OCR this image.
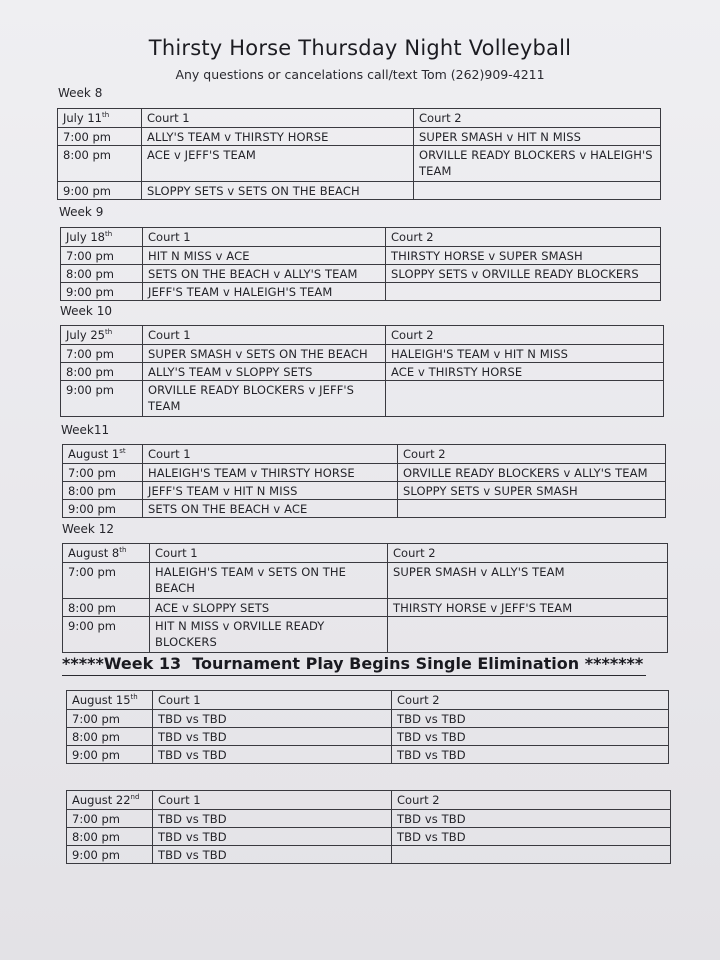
Thirsty Horse Thursday Night Volleyball
Any questions or cancelations call/text Tom (262)909-4211
Week 8
July 11th	Court 1	Court 2
7:00 pm	ALLY'S TEAM v THIRSTY HORSE	SUPER SMASH v HIT N MISS
8:00 pm	ACE v JEFF'S TEAM	ORVILLE READY BLOCKERS v HALEIGH'S TEAM
9:00 pm	SLOPPY SETS v SETS ON THE BEACH	
Week 9
July 18th	Court 1	Court 2
7:00 pm	HIT N MISS v ACE	THIRSTY HORSE v SUPER SMASH
8:00 pm	SETS ON THE BEACH v ALLY'S TEAM	SLOPPY SETS v ORVILLE READY BLOCKERS
9:00 pm	JEFF'S TEAM v HALEIGH'S TEAM	
Week 10
July 25th	Court 1	Court 2
7:00 pm	SUPER SMASH v SETS ON THE BEACH	HALEIGH'S TEAM v HIT N MISS
8:00 pm	ALLY'S TEAM v SLOPPY SETS	ACE v THIRSTY HORSE
9:00 pm	ORVILLE READY BLOCKERS v JEFF'S TEAM	
Week11
August 1st	Court 1	Court 2
7:00 pm	HALEIGH'S TEAM v THIRSTY HORSE	ORVILLE READY BLOCKERS v ALLY'S TEAM
8:00 pm	JEFF'S TEAM v HIT N MISS	SLOPPY SETS v SUPER SMASH
9:00 pm	SETS ON THE BEACH v ACE	
Week 12
August 8th	Court 1	Court 2
7:00 pm	HALEIGH'S TEAM v SETS ON THE BEACH	SUPER SMASH v ALLY'S TEAM
8:00 pm	ACE v SLOPPY SETS	THIRSTY HORSE v JEFF'S TEAM
9:00 pm	HIT N MISS v ORVILLE READY BLOCKERS	
*****Week 13 Tournament Play Begins Single Elimination *******
August 15th	Court 1	Court 2
7:00 pm	TBD vs TBD	TBD vs TBD
8:00 pm	TBD vs TBD	TBD vs TBD
9:00 pm	TBD vs TBD	TBD vs TBD
August 22nd	Court 1	Court 2
7:00 pm	TBD vs TBD	TBD vs TBD
8:00 pm	TBD vs TBD	TBD vs TBD
9:00 pm	TBD vs TBD	
